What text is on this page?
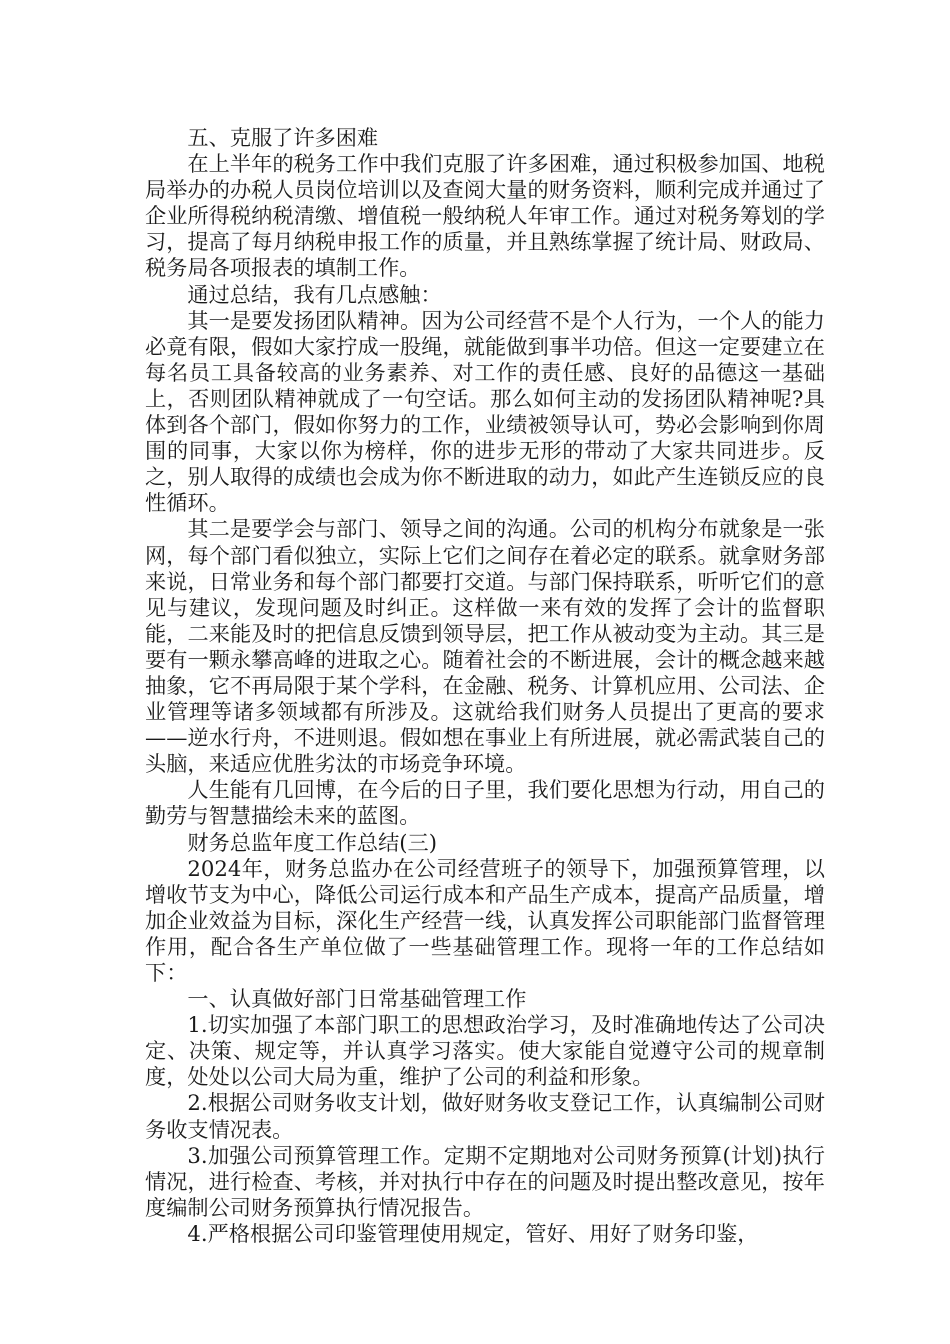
五、克服了许多困难

在上半年的税务工作中我们克服了许多困难，通过积极参加国、地税局举办的办税人员岗位培训以及查阅大量的财务资料，顺利完成并通过了企业所得税纳税清缴、增值税一般纳税人年审工作。通过对税务筹划的学习，提高了每月纳税申报工作的质量，并且熟练掌握了统计局、财政局、税务局各项报表的填制工作。

通过总结，我有几点感触：

其一是要发扬团队精神。因为公司经营不是个人行为，一个人的能力必竟有限，假如大家拧成一股绳，就能做到事半功倍。但这一定要建立在每名员工具备较高的业务素养、对工作的责任感、良好的品德这一基础上，否则团队精神就成了一句空话。那么如何主动的发扬团队精神呢?具体到各个部门，假如你努力的工作，业绩被领导认可，势必会影响到你周围的同事，大家以你为榜样，你的进步无形的带动了大家共同进步。反之，别人取得的成绩也会成为你不断进取的动力，如此产生连锁反应的良性循环。

其二是要学会与部门、领导之间的沟通。公司的机构分布就象是一张网，每个部门看似独立，实际上它们之间存在着必定的联系。就拿财务部来说，日常业务和每个部门都要打交道。与部门保持联系，听听它们的意见与建议，发现问题及时纠正。这样做一来有效的发挥了会计的监督职能，二来能及时的把信息反馈到领导层，把工作从被动变为主动。其三是要有一颗永攀高峰的进取之心。随着社会的不断进展，会计的概念越来越抽象，它不再局限于某个学科，在金融、税务、计算机应用、公司法、企业管理等诸多领域都有所涉及。这就给我们财务人员提出了更高的要求——逆水行舟，不进则退。假如想在事业上有所进展，就必需武装自己的头脑，来适应优胜劣汰的市场竞争环境。

人生能有几回博，在今后的日子里，我们要化思想为行动，用自己的勤劳与智慧描绘未来的蓝图。

财务总监年度工作总结(三)

2024年，财务总监办在公司经营班子的领导下，加强预算管理，以增收节支为中心，降低公司运行成本和产品生产成本，提高产品质量，增加企业效益为目标，深化生产经营一线，认真发挥公司职能部门监督管理作用，配合各生产单位做了一些基础管理工作。现将一年的工作总结如下：

一、认真做好部门日常基础管理工作

1.切实加强了本部门职工的思想政治学习，及时准确地传达了公司决定、决策、规定等，并认真学习落实。使大家能自觉遵守公司的规章制度，处处以公司大局为重，维护了公司的利益和形象。

2.根据公司财务收支计划，做好财务收支登记工作，认真编制公司财务收支情况表。

3.加强公司预算管理工作。定期不定期地对公司财务预算(计划)执行情况，进行检查、考核，并对执行中存在的问题及时提出整改意见，按年度编制公司财务预算执行情况报告。

4.严格根据公司印鉴管理使用规定，管好、用好了财务印鉴，
